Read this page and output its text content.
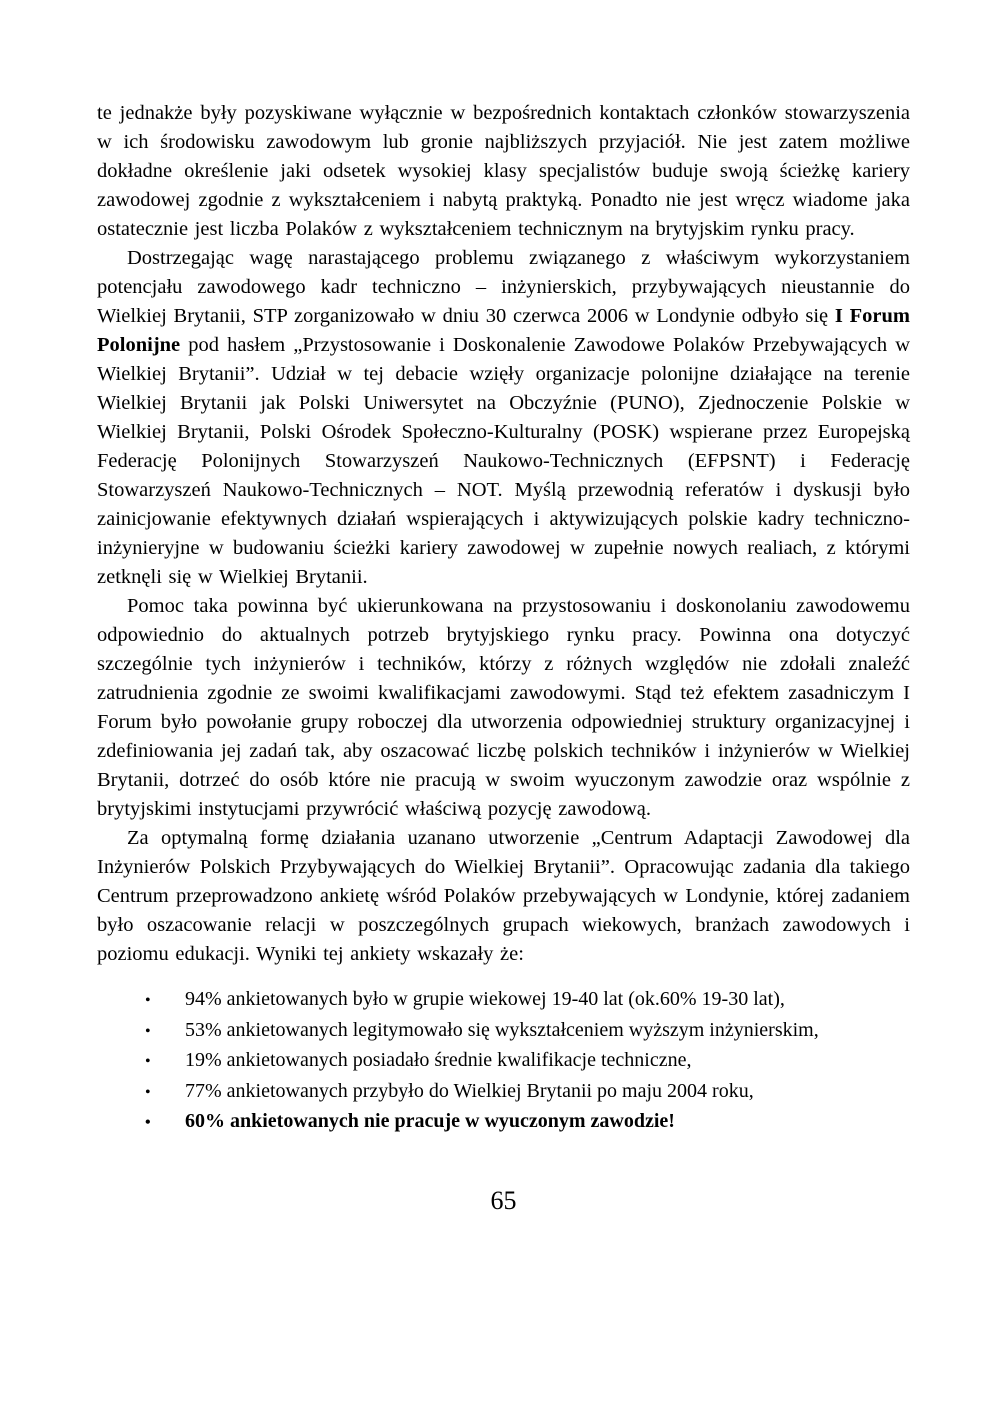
te jednakże były pozyskiwane wyłącznie w bezpośrednich kontaktach członków stowarzyszenia w ich środowisku zawodowym lub gronie najbliższych przyjaciół. Nie jest zatem możliwe dokładne określenie jaki odsetek wysokiej klasy specjalistów buduje swoją ścieżkę kariery zawodowej zgodnie z wykształceniem i nabytą praktyką. Ponadto nie jest wręcz wiadome jaka ostatecznie jest liczba Polaków z wykształceniem technicznym na brytyjskim rynku pracy.

Dostrzegając wagę narastającego problemu związanego z właściwym wykorzystaniem potencjału zawodowego kadr techniczno – inżynierskich, przybywających nieustannie do Wielkiej Brytanii, STP zorganizowało w dniu 30 czerwca 2006 w Londynie odbyło się I Forum Polonijne pod hasłem „Przystosowanie i Doskonalenie Zawodowe Polaków Przebywających w Wielkiej Brytanii”. Udział w tej debacie wzięły organizacje polonijne działające na terenie Wielkiej Brytanii jak Polski Uniwersytet na Obczyźnie (PUNO), Zjednoczenie Polskie w Wielkiej Brytanii, Polski Ośrodek Społeczno-Kulturalny (POSK) wspierane przez Europejską Federację Polonijnych Stowarzyszeń Naukowo-Technicznych (EFPSNT) i Federację Stowarzyszeń Naukowo-Technicznych – NOT. Myślą przewodnią referatów i dyskusji było zainicjowanie efektywnych działań wspierających i aktywizujących polskie kadry techniczno-inżynieryjne w budowaniu ścieżki kariery zawodowej w zupełnie nowych realiach, z którymi zetknęli się w Wielkiej Brytanii.

Pomoc taka powinna być ukierunkowana na przystosowaniu i doskonolaniu zawodowemu odpowiednio do aktualnych potrzeb brytyjskiego rynku pracy. Powinna ona dotyczyć szczególnie tych inżynierów i techników, którzy z różnych względów nie zdołali znaleźć zatrudnienia zgodnie ze swoimi kwalifikacjami zawodowymi. Stąd też efektem zasadniczym I Forum było powołanie grupy roboczej dla utworzenia odpowiedniej struktury organizacyjnej i zdefiniowania jej zadań tak, aby oszacować liczbę polskich techników i inżynierów w Wielkiej Brytanii, dotrzeć do osób które nie pracują w swoim wyuczonym zawodzie oraz wspólnie z brytyjskimi instytucjami przywrócić właściwą pozycję zawodową.

Za optymalną formę działania uzanano utworzenie „Centrum Adaptacji Zawodowej dla Inżynierów Polskich Przybywających do Wielkiej Brytanii”. Opracowując zadania dla takiego Centrum przeprowadzono ankietę wśród Polaków przebywających w Londynie, której zadaniem było oszacowanie relacji w poszczególnych grupach wiekowych, branżach zawodowych i poziomu edukacji. Wyniki tej ankiety wskazały że:

•	94% ankietowanych było w grupie wiekowej 19-40 lat (ok.60% 19-30 lat),
•	53% ankietowanych legitymowało się wykształceniem wyższym inżynierskim,
•	19% ankietowanych posiadało średnie kwalifikacje techniczne,
•	77% ankietowanych przybyło do Wielkiej Brytanii po maju 2004 roku,
•	60% ankietowanych nie pracuje w wyuczonym zawodzie!
65
